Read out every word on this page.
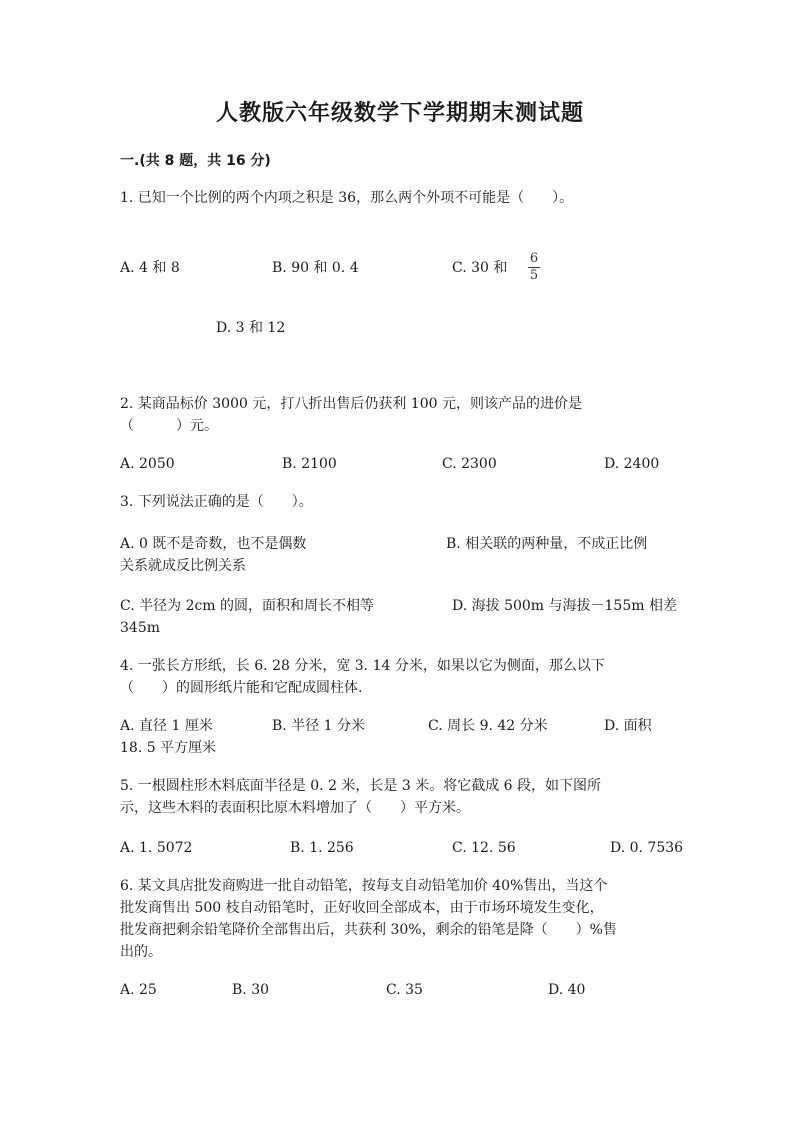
人教版六年级数学下学期期末测试题
一.(共 8 题，共 16 分)
1. 已知一个比例的两个内项之积是 36，那么两个外项不可能是（　　）。
A. 4 和 8	B. 90 和 0. 4	C. 30 和
6
5
D. 3 和 12
2. 某商品标价 3000 元，打八折出售后仍获利 100 元，则该产品的进价是
（　　　）元。
A. 2050	B. 2100	C. 2300	D. 2400
3. 下列说法正确的是（　　）。
A. 0 既不是奇数，也不是偶数	B. 相关联的两种量，不成正比例
关系就成反比例关系
C. 半径为 2cm 的圆，面积和周长不相等	D. 海拔 500m 与海拔－155m 相差
345m
4. 一张长方形纸，长 6. 28 分米，宽 3. 14 分米，如果以它为侧面，那么以下
（　　）的圆形纸片能和它配成圆柱体.
A. 直径 1 厘米	B. 半径 1 分米	C. 周长 9. 42 分米	D. 面积
18. 5 平方厘米
5. 一根圆柱形木料底面半径是 0. 2 米，长是 3 米。将它截成 6 段，如下图所
示，这些木料的表面积比原木料增加了（　　）平方米。
A. 1. 5072	B. 1. 256	C. 12. 56	D. 0. 7536
6. 某文具店批发商购进一批自动铅笔，按每支自动铅笔加价 40%售出，当这个
批发商售出 500 枝自动铅笔时，正好收回全部成本，由于市场环境发生变化，
批发商把剩余铅笔降价全部售出后，共获利 30%，剩余的铅笔是降（　　）%售
出的。
A. 25	B. 30	C. 35	D. 40
